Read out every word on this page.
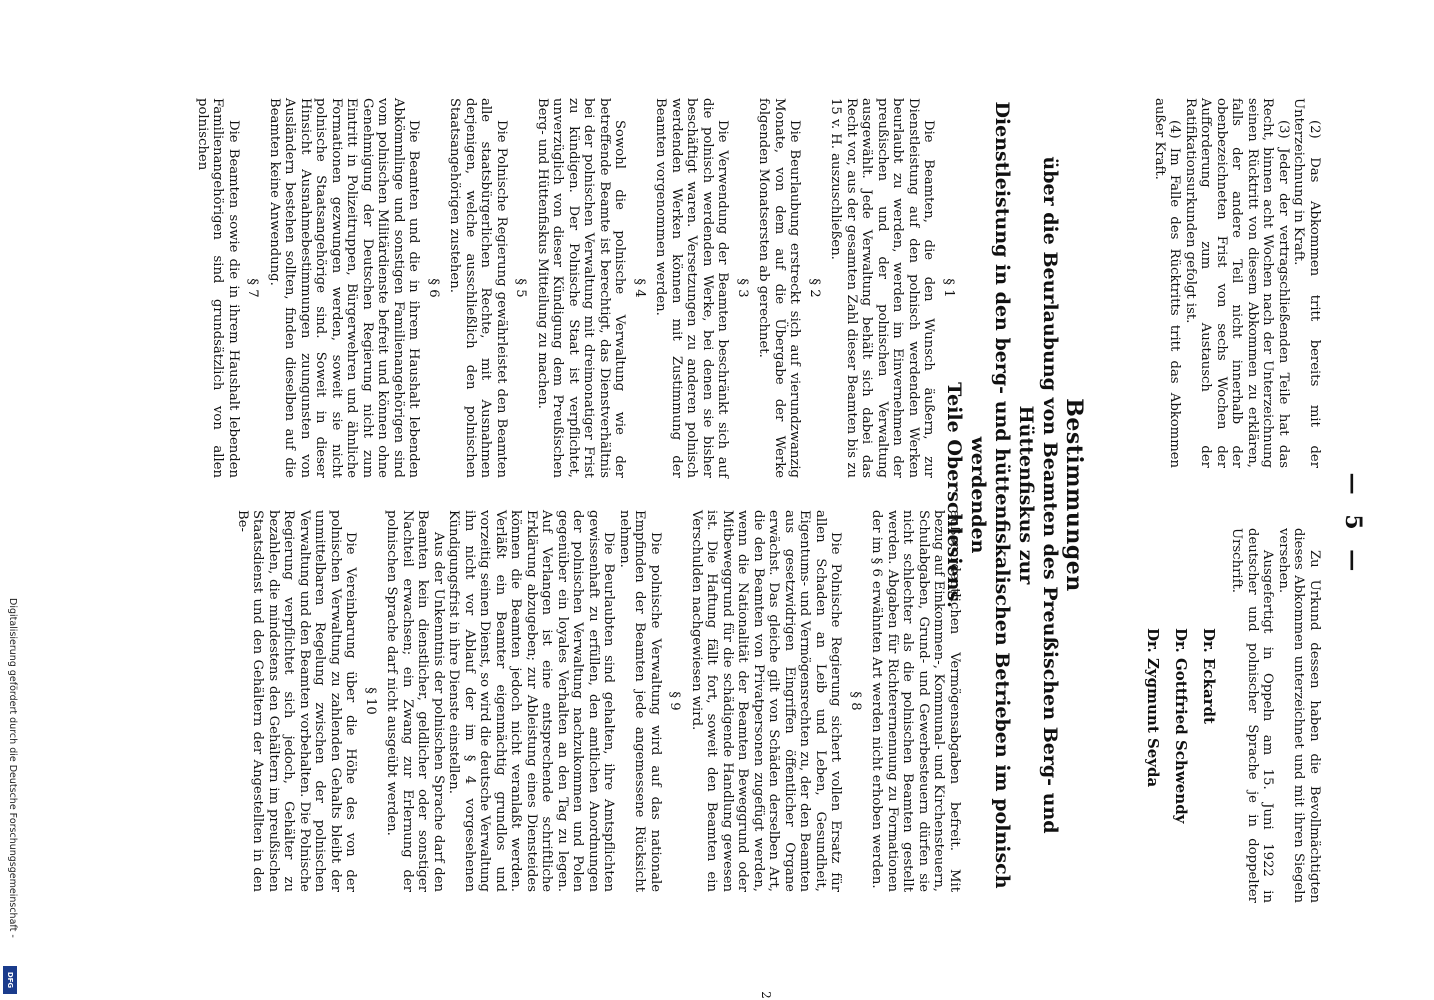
— 5 —
Bestimmungen
über die Beurlaubung von Beamten des Preußischen Berg- und Hüttenfiskus zur
Dienstleistung in den berg- und hüttenfiskalischen Betrieben im polnisch werdenden
Teile Oberschlesiens.

(2) Das Abkommen tritt bereits mit der Unterzeichnung in Kraft.

(3) Jeder der vertragschließenden Teile hat das Recht, binnen acht Wochen nach der Unterzeichnung seinen Rücktritt von diesem Abkommen zu erklären, falls der andere Teil nicht innerhalb der obenbezeichneten Frist von sechs Wochen der Aufforderung zum Austausch der Ratifikationsurkunden gefolgt ist.

(4) Im Falle des Rücktritts tritt das Abkommen außer Kraft.

Zu Urkund dessen haben die Bevollmächtigten dieses Abkommen unterzeichnet und mit ihren Siegeln versehen.

Ausgefertigt in Oppeln am 15. Juni 1922 in deutscher und polnischer Sprache je in doppelter Urschrift.

Dr. Eckardt
Dr. Gottfried Schwendy
Dr. Zygmunt Seyda

§ 1

Die Beamten, die den Wunsch äußern, zur Dienstleistung auf den polnisch werdenden Werken beurlaubt zu werden, werden im Einvernehmen der preußischen und der polnischen Verwaltung ausgewählt. Jede Verwaltung behält sich dabei das Recht vor, aus der gesamten Zahl dieser Beamten bis zu 15 v. H. auszuschließen.

§ 2

Die Beurlaubung erstreckt sich auf vierundzwanzig Monate, von dem auf die Übergabe der Werke folgenden Monatsersten ab gerechnet.

§ 3

Die Verwendung der Beamten beschränkt sich auf die polnisch werdenden Werke, bei denen sie bisher beschäftigt waren. Versetzungen zu anderen polnisch werdenden Werken können mit Zustimmung der Beamten vorgenommen werden.

§ 4

Sowohl die polnische Verwaltung wie der betreffende Beamte ist berechtigt, das Dienstverhältnis bei der polnischen Verwaltung mit dreimonatiger Frist zu kündigen. Der Polnische Staat ist verpflichtet, unverzüglich von dieser Kündigung dem Preußischen Berg- und Hüttenfiskus Mitteilung zu machen.

§ 5

Die Polnische Regierung gewährleistet den Beamten alle staatsbürgerlichen Rechte, mit Ausnahmen derjenigen, welche ausschließlich den polnischen Staatsangehörigen zustehen.

§ 6

Die Beamten und die in ihrem Haushalt lebenden Abkömmlinge und sonstigen Familienangehörigen sind vom polnischen Militärdienste befreit und können ohne Genehmigung der Deutschen Regierung nicht zum Eintritt in Polizeitruppen, Bürgerwehren und ähnliche Formationen gezwungen werden, soweit sie nicht polnische Staatsangehörige sind. Soweit in dieser Hinsicht Ausnahmebestimmungen zuungunsten von Ausländern bestehen sollten, finden dieselben auf die Beamten keine Anwendung.

§ 7

Die Beamten sowie die in ihrem Haushalt lebenden Familienangehörigen sind grundsätzlich von allen polnischen

außerordentlichen Vermögensabgaben befreit. Mit bezug auf Einkommen-, Kommunal- und Kirchensteuern, Schulabgaben, Grund- und Gewerbesteuern dürfen sie nicht schlechter als die polnischen Beamten gestellt werden. Abgaben für Richterernennung zu Formationen der im § 6 erwähnten Art werden nicht erhoben werden.

§ 8

Die Polnische Regierung sichert vollen Ersatz für allen Schaden an Leib und Leben, Gesundheit, Eigentums- und Vermögensrechten zu, der den Beamten aus gesetzwidrigen Eingriffen öffentlicher Organe erwächst. Das gleiche gilt von Schäden derselben Art, die den Beamten von Privatpersonen zugefügt werden, wenn die Nationalität der Beamten Beweggrund oder Mitbeweggrund für die schädigende Handlung gewesen ist. Die Haftung fällt fort, soweit den Beamten ein Verschulden nachgewiesen wird.

§ 9

Die polnische Verwaltung wird auf das nationale Empfinden der Beamten jede angemessene Rücksicht nehmen.

Die Beurlaubten sind gehalten, ihre Amtspflichten gewissenhaft zu erfüllen, den amtlichen Anordnungen der polnischen Verwaltung nachzukommen und Polen gegenüber ein loyales Verhalten an den Tag zu legen. Auf Verlangen ist eine entsprechende schriftliche Erklärung abzugeben; zur Ableistung eines Diensteides können die Beamten jedoch nicht veranlaßt werden. Verläßt ein Beamter eigenmächtig grundlos und vorzeitig seinen Dienst, so wird die deutsche Verwaltung ihn nicht vor Ablauf der im § 4 vorgesehenen Kündigungsfrist in ihre Dienste einstellen.

Aus der Unkenntnis der polnischen Sprache darf den Beamten kein dienstlicher, geldlicher oder sonstiger Nachteil erwachsen; ein Zwang zur Erlernung der polnischen Sprache darf nicht ausgeübt werden.

§ 10

Die Vereinbarung über die Höhe des von der polnischen Verwaltung zu zahlenden Gehalts bleibt der unmittelbaren Regelung zwischen der polnischen Verwaltung und den Beamten vorbehalten. Die Polnische Regierung verpflichtet sich jedoch, Gehälter zu bezahlen, die mindestens den Gehältern im preußischen Staatsdienst und den Gehältern der Angestellten in den Be-

2
Digitalisierung gefördert durch die Deutsche Forschungsgemeinschaft -
DFG
